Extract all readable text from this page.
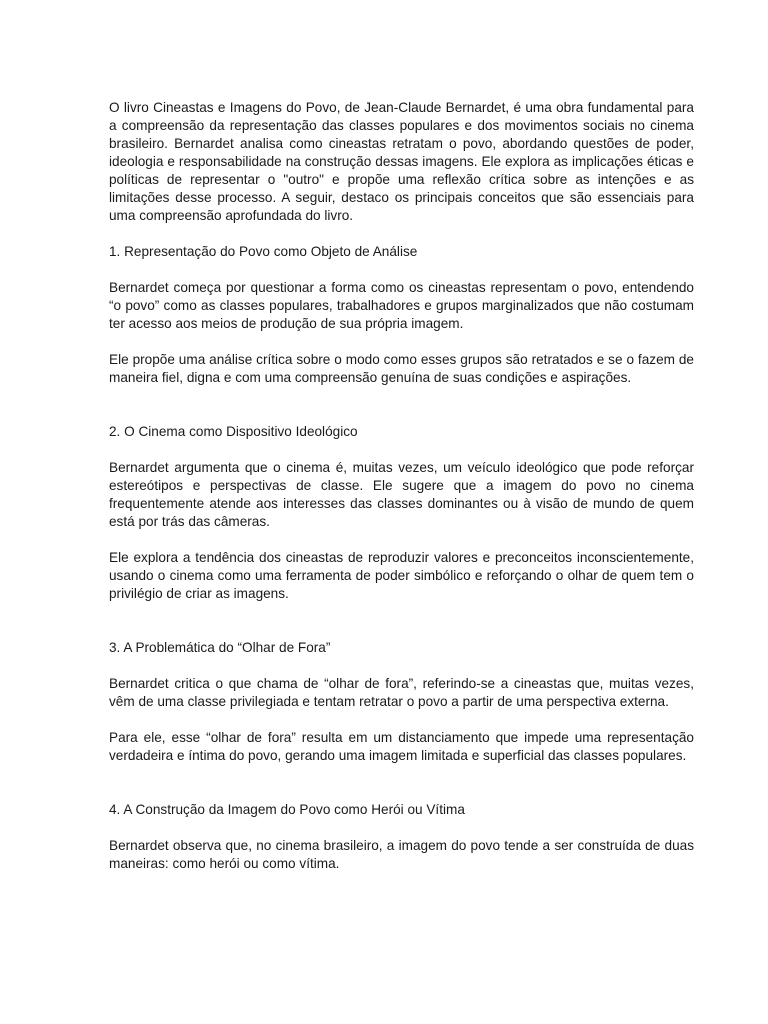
O livro Cineastas e Imagens do Povo, de Jean-Claude Bernardet, é uma obra fundamental para a compreensão da representação das classes populares e dos movimentos sociais no cinema brasileiro. Bernardet analisa como cineastas retratam o povo, abordando questões de poder, ideologia e responsabilidade na construção dessas imagens. Ele explora as implicações éticas e políticas de representar o "outro" e propõe uma reflexão crítica sobre as intenções e as limitações desse processo. A seguir, destaco os principais conceitos que são essenciais para uma compreensão aprofundada do livro.

1. Representação do Povo como Objeto de Análise

Bernardet começa por questionar a forma como os cineastas representam o povo, entendendo “o povo” como as classes populares, trabalhadores e grupos marginalizados que não costumam ter acesso aos meios de produção de sua própria imagem.

Ele propõe uma análise crítica sobre o modo como esses grupos são retratados e se o fazem de maneira fiel, digna e com uma compreensão genuína de suas condições e aspirações.

2. O Cinema como Dispositivo Ideológico

Bernardet argumenta que o cinema é, muitas vezes, um veículo ideológico que pode reforçar estereótipos e perspectivas de classe. Ele sugere que a imagem do povo no cinema frequentemente atende aos interesses das classes dominantes ou à visão de mundo de quem está por trás das câmeras.

Ele explora a tendência dos cineastas de reproduzir valores e preconceitos inconscientemente, usando o cinema como uma ferramenta de poder simbólico e reforçando o olhar de quem tem o privilégio de criar as imagens.

3. A Problemática do “Olhar de Fora”

Bernardet critica o que chama de “olhar de fora”, referindo-se a cineastas que, muitas vezes, vêm de uma classe privilegiada e tentam retratar o povo a partir de uma perspectiva externa.

Para ele, esse “olhar de fora” resulta em um distanciamento que impede uma representação verdadeira e íntima do povo, gerando uma imagem limitada e superficial das classes populares.

4. A Construção da Imagem do Povo como Herói ou Vítima

Bernardet observa que, no cinema brasileiro, a imagem do povo tende a ser construída de duas maneiras: como herói ou como vítima.
